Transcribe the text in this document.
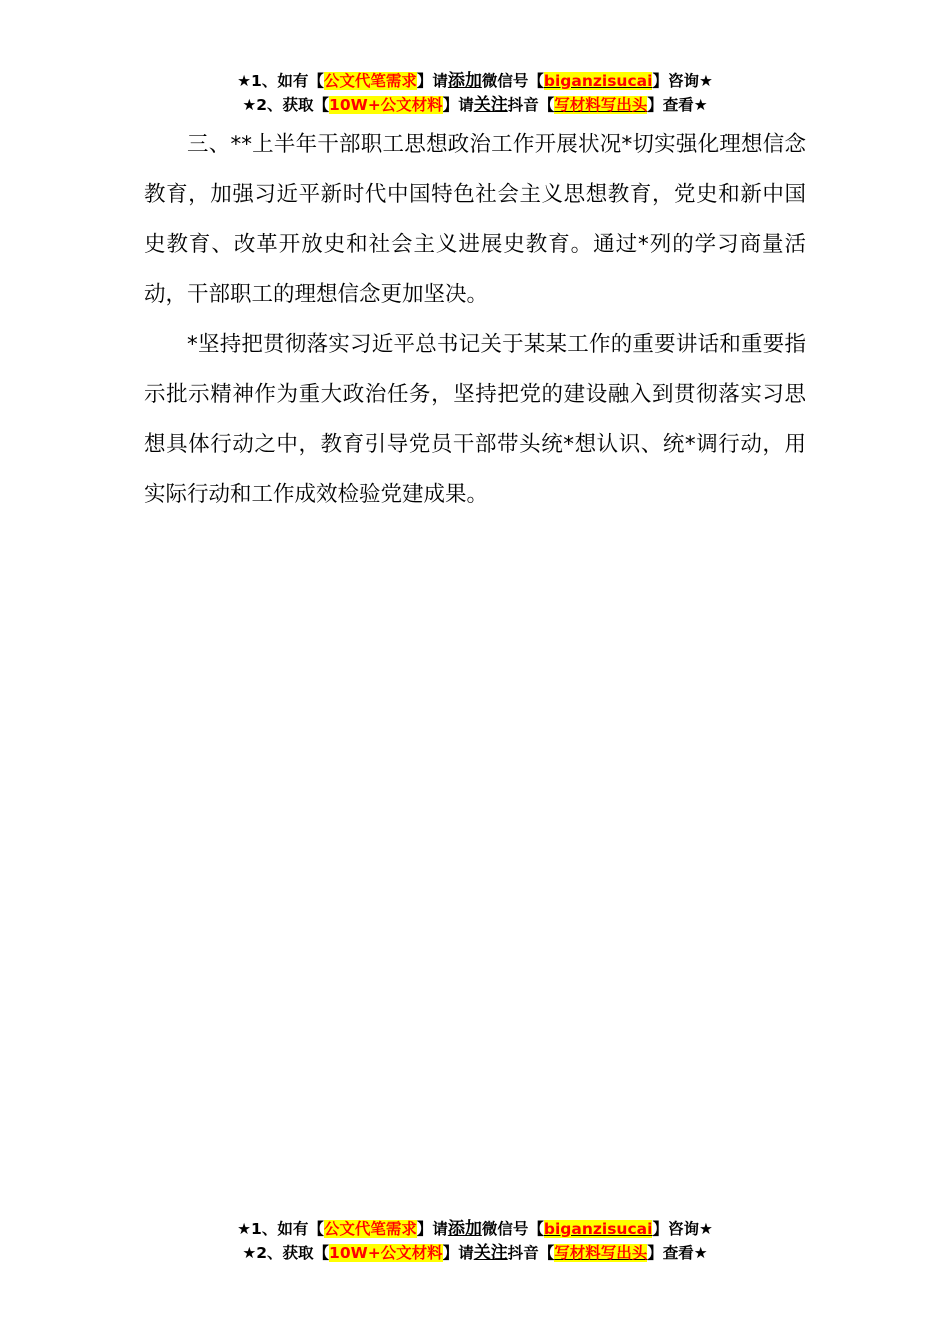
★1、如有【公文代笔需求】请添加微信号【biganzisucai】咨询★
★2、获取【10W+公文材料】请关注抖音【写材料写出头】查看★

三、**上半年干部职工思想政治工作开展状况*切实强化理想信念教育，加强习近平新时代中国特色社会主义思想教育，党史和新中国史教育、改革开放史和社会主义进展史教育。通过*列的学习商量活动，干部职工的理想信念更加坚决。

*坚持把贯彻落实习近平总书记关于某某工作的重要讲话和重要指示批示精神作为重大政治任务，坚持把党的建设融入到贯彻落实习思想具体行动之中，教育引导党员干部带头统*想认识、统*调行动，用实际行动和工作成效检验党建成果。

★1、如有【公文代笔需求】请添加微信号【biganzisucai】咨询★
★2、获取【10W+公文材料】请关注抖音【写材料写出头】查看★
